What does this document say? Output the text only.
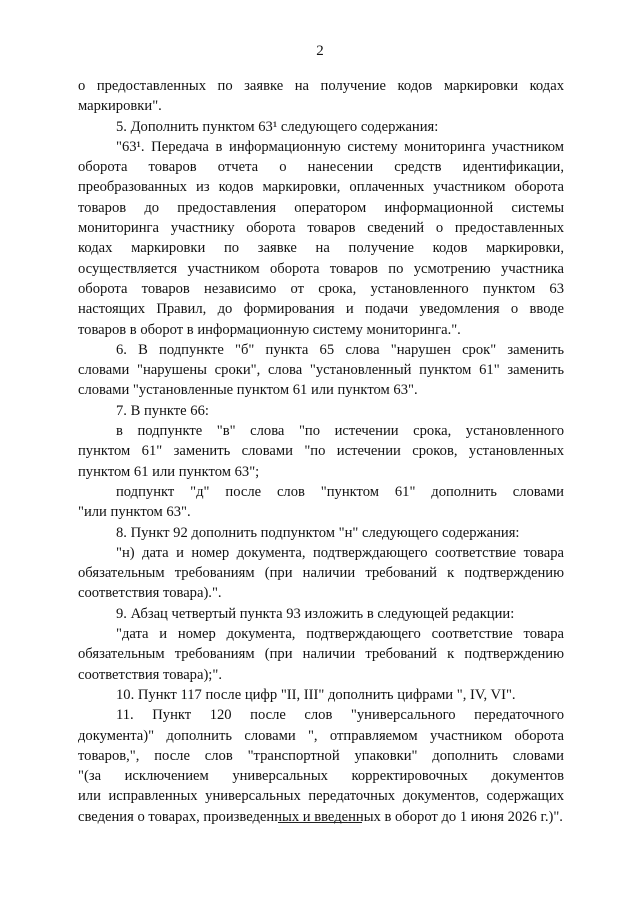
2
о предоставленных по заявке на получение кодов маркировки кодах
маркировки".
5. Дополнить пунктом 63¹ следующего содержания:
"63¹. Передача в информационную систему мониторинга участником
оборота товаров отчета о нанесении средств идентификации,
преобразованных из кодов маркировки, оплаченных участником оборота
товаров до предоставления оператором информационной системы
мониторинга участнику оборота товаров сведений о предоставленных
кодах маркировки по заявке на получение кодов маркировки,
осуществляется участником оборота товаров по усмотрению участника
оборота товаров независимо от срока, установленного пунктом 63
настоящих Правил, до формирования и подачи уведомления о вводе
товаров в оборот в информационную систему мониторинга.".
6. В подпункте "б" пункта 65 слова "нарушен срок" заменить
словами "нарушены сроки", слова "установленный пунктом 61" заменить
словами "установленные пунктом 61 или пунктом 63".
7. В пункте 66:
в подпункте "в" слова "по истечении срока, установленного
пунктом 61" заменить словами "по истечении сроков, установленных
пунктом 61 или пунктом 63";
подпункт "д" после слов "пунктом 61" дополнить словами
"или пунктом 63".
8. Пункт 92 дополнить подпунктом "н" следующего содержания:
"н) дата и номер документа, подтверждающего соответствие товара
обязательным требованиям (при наличии требований к подтверждению
соответствия товара).".
9. Абзац четвертый пункта 93 изложить в следующей редакции:
"дата и номер документа, подтверждающего соответствие товара
обязательным требованиям (при наличии требований к подтверждению
соответствия товара);".
10. Пункт 117 после цифр "II, III" дополнить цифрами ", IV, VI".
11. Пункт 120 после слов "универсального передаточного
документа)" дополнить словами ", отправляемом участником оборота
товаров,", после слов "транспортной упаковки" дополнить словами
"(за исключением универсальных корректировочных документов
или исправленных универсальных передаточных документов, содержащих
сведения о товарах, произведенных и введенных в оборот до 1 июня 2026 г.)".
